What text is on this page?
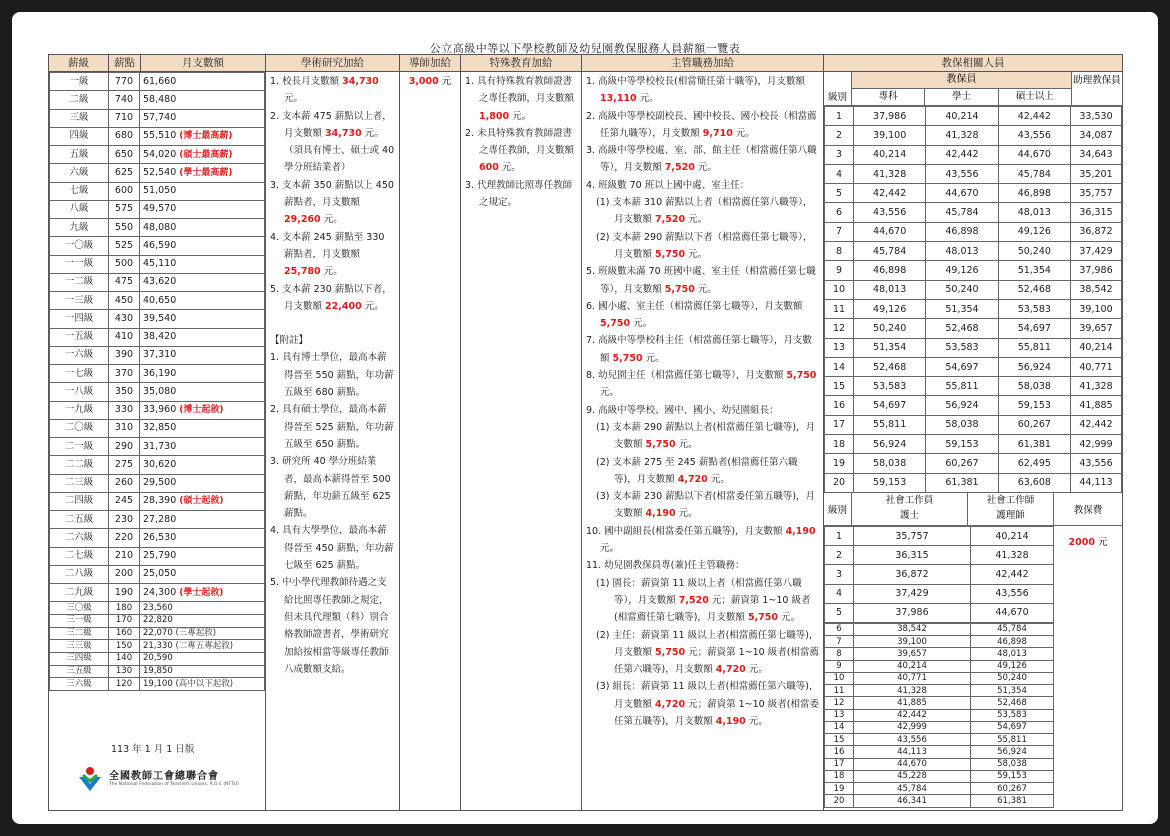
公立高級中等以下學校教師及幼兒園教保服務人員薪額一覽表
薪級	薪點	月支數額
一級	770	61,660
二級	740	58,480
三級	710	57,740
四級	680	55,510 (博士最高薪)
五級	650	54,020 (碩士最高薪)
六級	625	52,540 (學士最高薪)
七級	600	51,050
八級	575	49,570
九級	550	48,080
一〇級	525	46,590
一一級	500	45,110
一二級	475	43,620
一三級	450	40,650
一四級	430	39,540
一五級	410	38,420
一六級	390	37,310
一七級	370	36,190
一八級	350	35,080
一九級	330	33,960 (博士起敘)
二〇級	310	32,850
二一級	290	31,730
二二級	275	30,620
二三級	260	29,500
二四級	245	28,390 (碩士起敘)
二五級	230	27,280
二六級	220	26,530
二七級	210	25,790
二八級	200	25,050
二九級	190	24,300 (學士起敘)
三〇級	180	23,560
三一級	170	22,820
三二級	160	22,070 (三專起敘)
三三級	150	21,330 (二專五專起敘)
三四級	140	20,590
三五級	130	19,850
三六級	120	19,100 (高中以下起敘)
113 年 1 月 1 日版
全國教師工會總聯合會
The National Federation of Teachers Unions, R.O.C (NFTU)
學術研究加給
1. 校長月支數額 34,730 元。
2. 支本薪 475 薪點以上者，月支數額 34,730 元。（須具有博士、碩士或 40 學分班結業者）
3. 支本薪 350 薪點以上 450 薪點者，月支數額 29,260 元。
4. 支本薪 245 薪點至 330 薪點者，月支數額 25,780 元。
5. 支本薪 230 薪點以下者，月支數額 22,400 元。
【附註】
1. 具有博士學位，最高本薪得晉至 550 薪點，年功薪五級至 680 薪點。
2. 具有碩士學位，最高本薪得晉至 525 薪點，年功薪五級至 650 薪點。
3. 研究所 40 學分班結業者，最高本薪得晉至 500 薪點，年功薪五級至 625 薪點。
4. 具有大學學位，最高本薪得晉至 450 薪點，年功薪七級至 625 薪點。
5. 中小學代理教師待遇之支給比照專任教師之規定，但未具代理類（科）別合格教師證書者，學術研究加給按相當等級專任教師八成數額支給。
導師加給
3,000 元
特殊教育加給
1. 具有特殊教育教師證書之專任教師，月支數額 1,800 元。
2. 未具特殊教育教師證書之專任教師，月支數額 600 元。
3. 代理教師比照專任教師之規定。
主管職務加給
1. 高級中等學校校長(相當簡任第十職等)，月支數額 13,110 元。
2. 高級中等學校副校長、國中校長、國小校長（相當薦任第九職等），月支數額 9,710 元。
3. 高級中等學校處、室、部、館主任（相當薦任第八職等），月支數額 7,520 元。
4. 班級數 70 班以上國中處、室主任：
(1) 支本薪 310 薪點以上者（相當薦任第八職等），月支數額 7,520 元。
(2) 支本薪 290 薪點以下者（相當薦任第七職等），月支數額 5,750 元。
5. 班級數未滿 70 班國中處、室主任（相當薦任第七職等），月支數額 5,750 元。
6. 國小處、室主任（相當薦任第七職等），月支數額 5,750 元。
7. 高級中等學校科主任（相當薦任第七職等），月支數額 5,750 元。
8. 幼兒園主任（相當薦任第七職等），月支數額 5,750 元。
9. 高級中等學校、國中、國小、幼兒園組長：
(1) 支本薪 290 薪點以上者(相當薦任第七職等)，月支數額 5,750 元。
(2) 支本薪 275 至 245 薪點者(相當薦任第六職等)，月支數額 4,720 元。
(3) 支本薪 230 薪點以下者(相當委任第五職等)，月支數額 4,190 元。
10. 國中副組長(相當委任第五職等)，月支數額 4,190 元。
11. 幼兒園教保員專(兼)任主管職務：
(1) 園長：薪資第 11 級以上者（相當薦任第八職等），月支數額 7,520 元；薪資第 1~10 級者(相當薦任第七職等)，月支數額 5,750 元。
(2) 主任：薪資第 11 級以上者(相當薦任第七職等)，月支數額 5,750 元；薪資第 1~10 級者(相當薦任第六職等)，月支數額 4,720 元。
(3) 組長：薪資第 11 級以上者(相當薦任第六職等)，月支數額 4,720 元；薪資第 1~10 級者(相當委任第五職等)，月支數額 4,190 元。
教保相關人員
級別
教保員
專科	學士	碩士以上
助理教保員
1	37,986	40,214	42,442	33,530
2	39,100	41,328	43,556	34,087
3	40,214	42,442	44,670	34,643
4	41,328	43,556	45,784	35,201
5	42,442	44,670	46,898	35,757
6	43,556	45,784	48,013	36,315
7	44,670	46,898	49,126	36,872
8	45,784	48,013	50,240	37,429
9	46,898	49,126	51,354	37,986
10	48,013	50,240	52,468	38,542
11	49,126	51,354	53,583	39,100
12	50,240	52,468	54,697	39,657
13	51,354	53,583	55,811	40,214
14	52,468	54,697	56,924	40,771
15	53,583	55,811	58,038	41,328
16	54,697	56,924	59,153	41,885
17	55,811	58,038	60,267	42,442
18	56,924	59,153	61,381	42,999
19	58,038	60,267	62,495	43,556
20	59,153	61,381	63,608	44,113
級別
社會工作員
護士
社會工作師
護理師	教保費
1	35,757	40,214
2	36,315	41,328
3	36,872	42,442
4	37,429	43,556
5	37,986	44,670
6	38,542	45,784
7	39,100	46,898
8	39,657	48,013
9	40,214	49,126
10	40,771	50,240
11	41,328	51,354
12	41,885	52,468
13	42,442	53,583
14	42,999	54,697
15	43,556	55,811
16	44,113	56,924
17	44,670	58,038
18	45,228	59,153
19	45,784	60,267
20	46,341	61,381
2000 元
